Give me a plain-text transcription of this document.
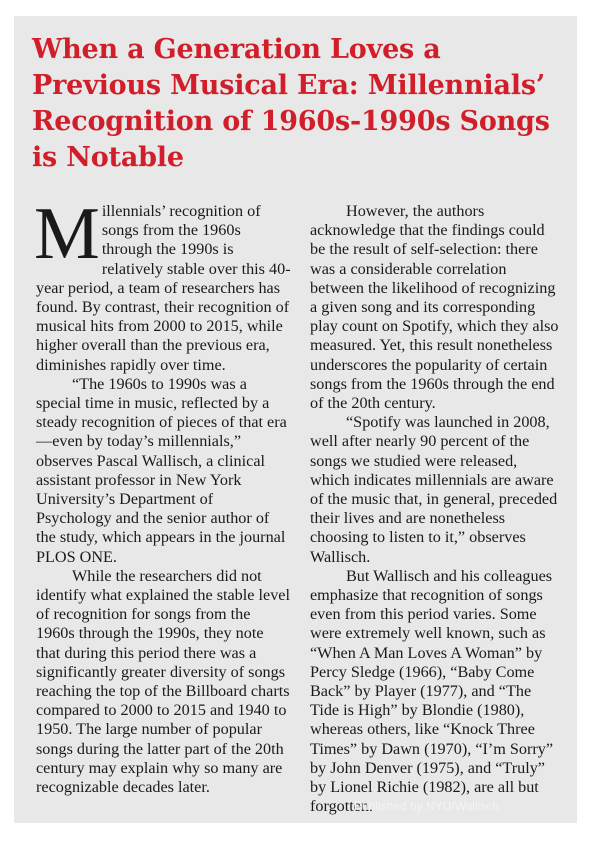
When a Generation Loves a Previous Musical Era: Millennials’ Recognition of 1960s-1990s Songs is Notable

Millennials’ recognition of songs from the 1960s through the 1990s is relatively stable over this 40-year period, a team of researchers has found. By contrast, their recognition of musical hits from 2000 to 2015, while higher overall than the previous era, diminishes rapidly over time.

“The 1960s to 1990s was a special time in music, reflected by a steady recognition of pieces of that era—even by today’s millennials,” observes Pascal Wallisch, a clinical assistant professor in New York University’s Department of Psychology and the senior author of the study, which appears in the journal PLOS ONE.

While the researchers did not identify what explained the stable level of recognition for songs from the 1960s through the 1990s, they note that during this period there was a significantly greater diversity of songs reaching the top of the Billboard charts compared to 2000 to 2015 and 1940 to 1950. The large number of popular songs during the latter part of the 20th century may explain why so many are recognizable decades later.

However, the authors acknowledge that the findings could be the result of self-selection: there was a considerable correlation between the likelihood of recognizing a given song and its corresponding play count on Spotify, which they also measured. Yet, this result nonetheless underscores the popularity of certain songs from the 1960s through the end of the 20th century.

“Spotify was launched in 2008, well after nearly 90 percent of the songs we studied were released, which indicates millennials are aware of the music that, in general, preceded their lives and are nonetheless choosing to listen to it,” observes Wallisch.

But Wallisch and his colleagues emphasize that recognition of songs even from this period varies. Some were extremely well known, such as “When A Man Loves A Woman” by Percy Sledge (1966), “Baby Come Back” by Player (1977), and “The Tide is High” by Blondie (1980), whereas others, like “Knock Three Times” by Dawn (1970), “I’m Sorry” by John Denver (1975), and “Truly” by Lionel Richie (1982), are all but forgotten.

Published by NYU/Wallisch
